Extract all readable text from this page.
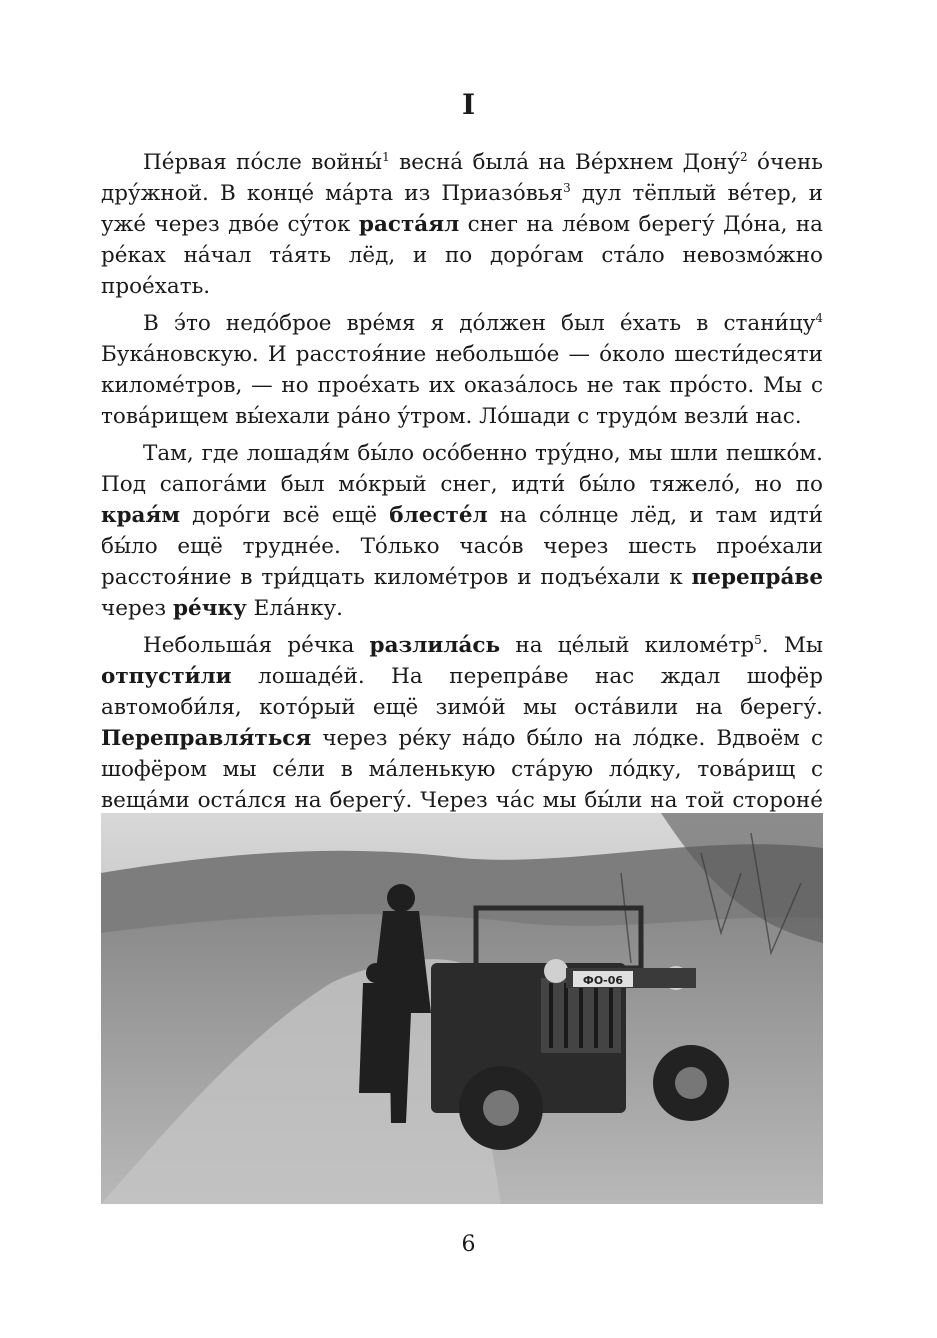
I

Пе́рвая по́сле войны́$^1$ весна́ была́ на Ве́рхнем Дону́$^2$ о́чень дру́жной. В конце́ ма́рта из Приазо́вья$^3$ дул тёплый ве́тер, и уже́ через дво́е су́ток раста́ял снег на ле́вом берегу́ До́на, на ре́ках на́чал та́ять лёд, и по доро́гам ста́ло невозмо́жно прое́хать.

В э́то недо́брое вре́мя я до́лжен был е́хать в $стани́цу^4$ Бука́новскую. И расстоя́ние небольшо́е — о́коло шести́десяти киломе́тров, — но прое́хать их оказа́лось не так про́сто. Мы с това́рищем вы́ехали ра́но у́тром. Ло́шади с трудо́м везли́ нас.

Там, где лошадя́м бы́ло осо́бенно тру́дно, мы шли пешко́м. Под сапога́ми был мо́крый снег, идти́ бы́ло тяжело́, но по края́м доро́ги всё ещё блесте́л на со́лнце лёд, и там идти́ бы́ло ещё трудне́е. То́лько часо́в через шесть прое́хали расстоя́ние в три́дцать киломе́тров и подъе́хали к перепра́ве через ре́чку Ела́нку.

Небольша́я ре́чка разлила́сь на це́лый $киломе́тр^5$. Мы отпусти́ли лошаде́й. На перепра́ве нас ждал шофёр автомоби́ля, кото́рый ещё зимо́й мы оста́вили на берегу́. Переправля́ться через ре́ку на́до бы́ло на ло́дке. Вдвоём с шофёром мы се́ли в ма́ленькую ста́рую ло́дку, това́рищ с веща́ми оста́лся на берегу́. Через ча́с мы бы́ли на той стороне́

ФО-06
6
